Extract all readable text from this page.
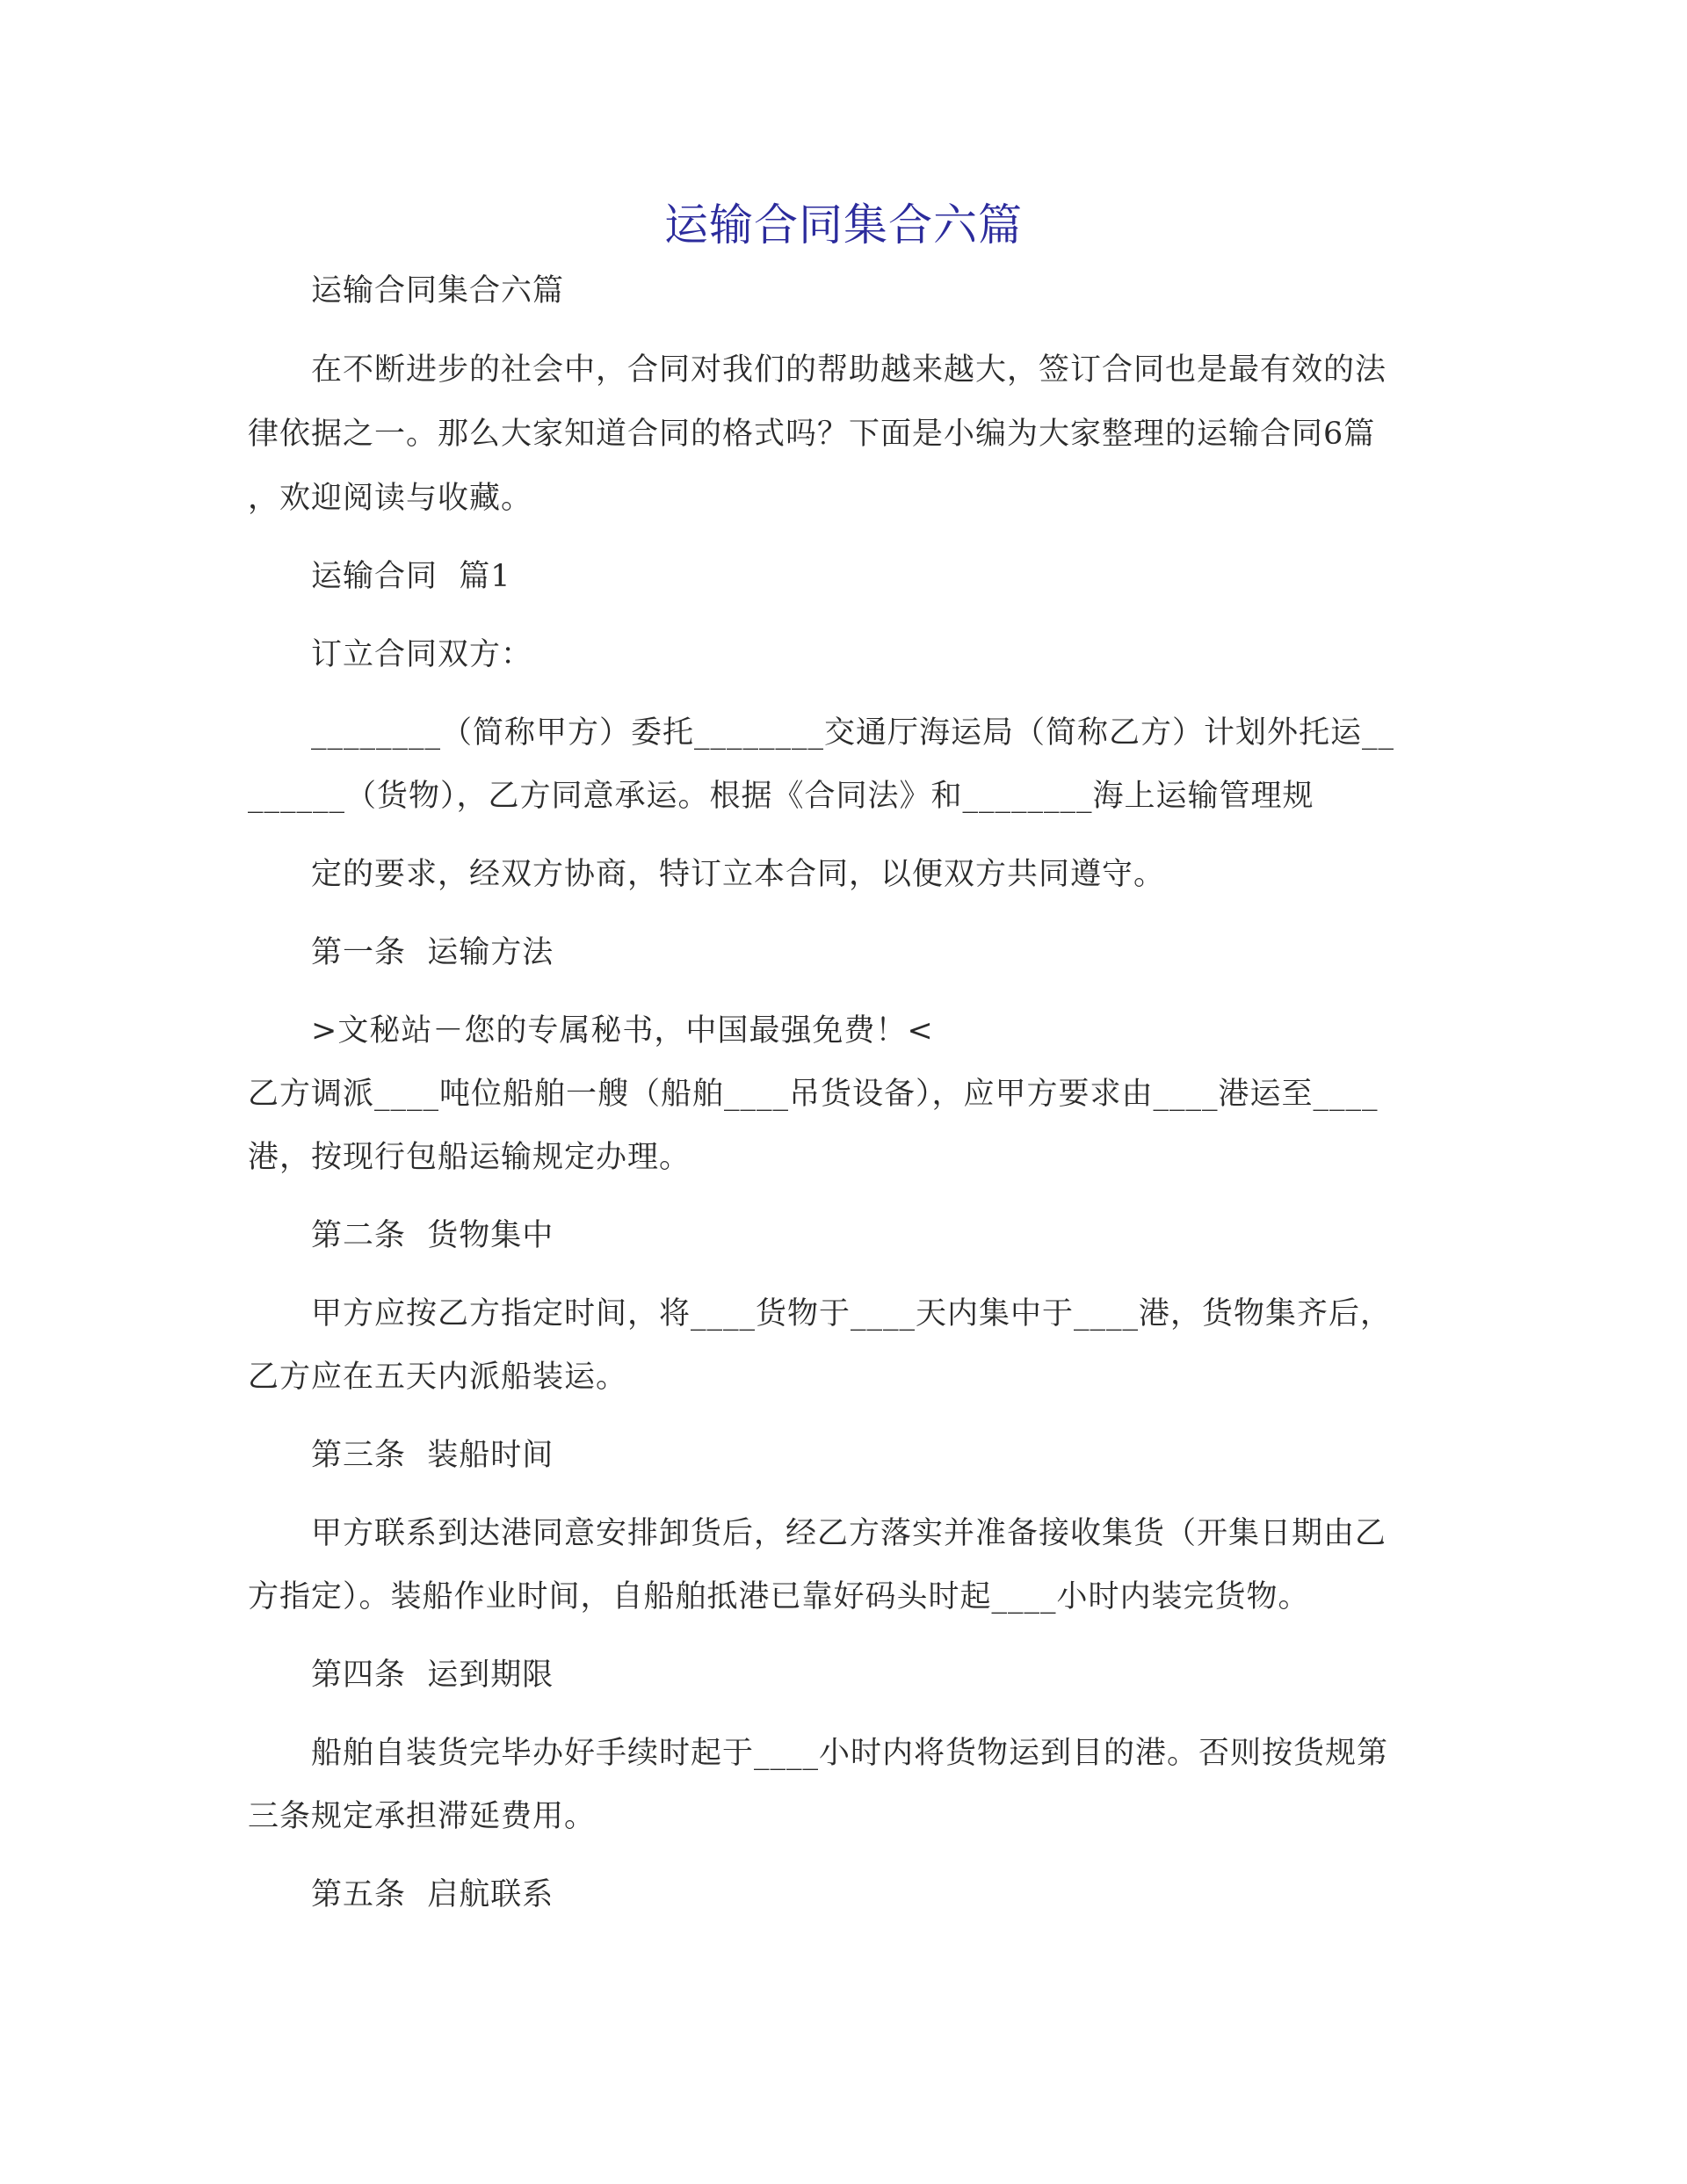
运输合同集合六篇
运输合同集合六篇
在不断进步的社会中，合同对我们的帮助越来越大，签订合同也是最有效的法
律依据之一。那么大家知道合同的格式吗？下面是小编为大家整理的运输合同6篇
，欢迎阅读与收藏。
运输合同  篇1
订立合同双方：
________（简称甲方）委托________交通厅海运局（简称乙方）计划外托运__
______（货物），乙方同意承运。根据《合同法》和________海上运输管理规
定的要求，经双方协商，特订立本合同，以便双方共同遵守。
第一条  运输方法
>文秘站－您的专属秘书，中国最强免费！<
乙方调派____吨位船舶一艘（船舶____吊货设备），应甲方要求由____港运至____
港，按现行包船运输规定办理。
第二条  货物集中
甲方应按乙方指定时间，将____货物于____天内集中于____港，货物集齐后，
乙方应在五天内派船装运。
第三条  装船时间
甲方联系到达港同意安排卸货后，经乙方落实并准备接收集货（开集日期由乙
方指定）。装船作业时间，自船舶抵港已靠好码头时起____小时内装完货物。
第四条  运到期限
船舶自装货完毕办好手续时起于____小时内将货物运到目的港。否则按货规第
三条规定承担滞延费用。
第五条  启航联系
